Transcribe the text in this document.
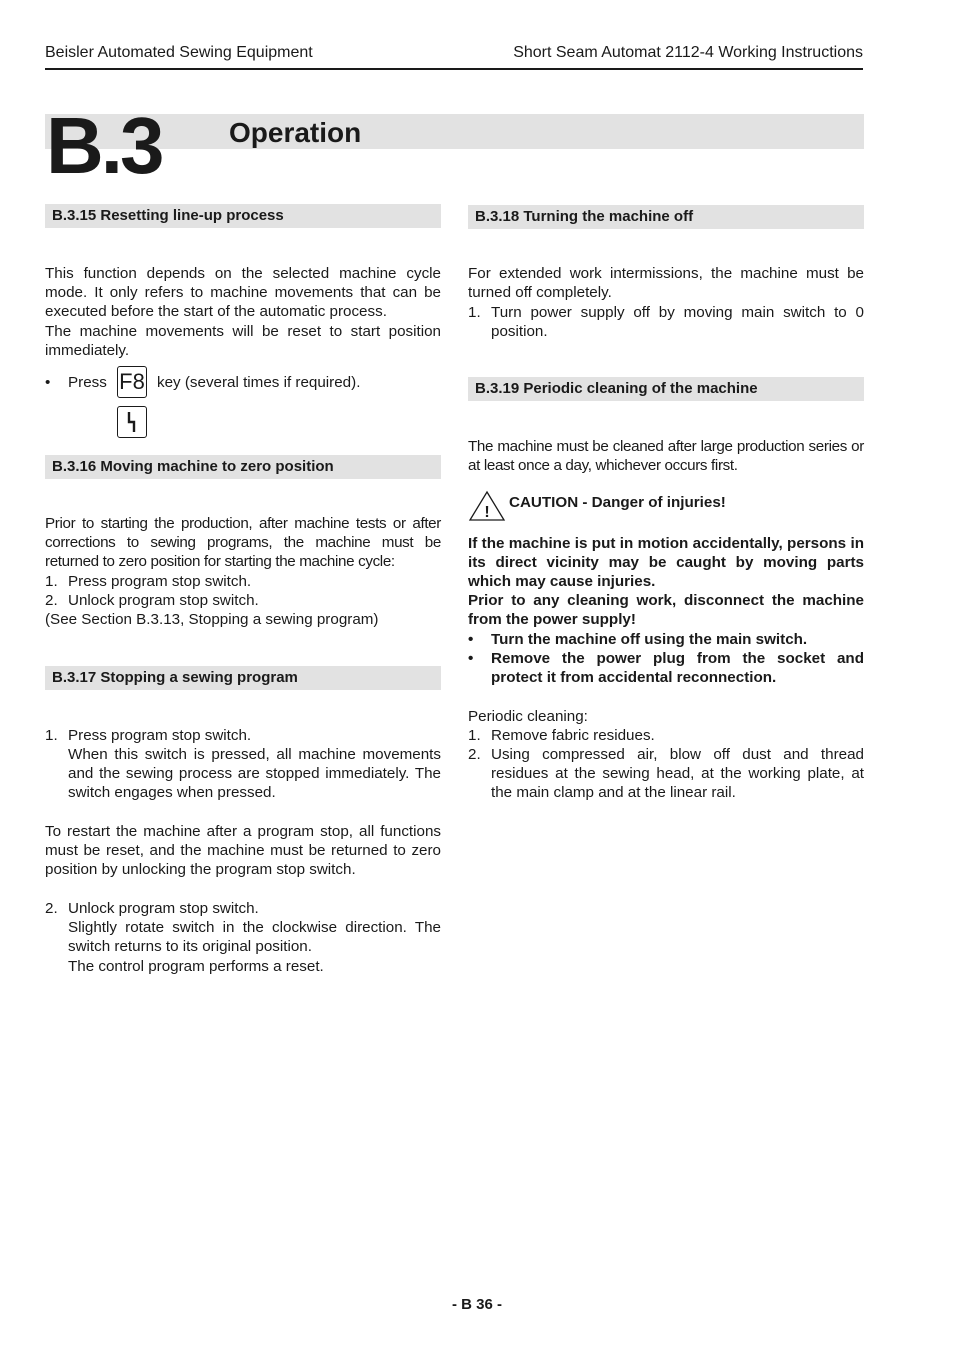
Beisler Automated Sewing Equipment	Short Seam Automat 2112-4 Working Instructions
B.3 Operation
B.3.15 Resetting line-up process
This function depends on the selected machine cycle mode. It only refers to machine movements that can be executed before the start of the automatic process.
The machine movements will be reset to start position immediately.
• Press	key (several times if required).
F8
B.3.16 Moving machine to zero position
Prior to starting the production, after machine tests or after corrections to sewing programs, the machine must be returned to zero position for starting the machine cycle:
1. Press program stop switch.
2. Unlock program stop switch.
(See Section B.3.13, Stopping a sewing program)
B.3.17 Stopping a sewing program
1. Press program stop switch.
When this switch is pressed, all machine movements and the sewing process are stopped immediately. The switch engages when pressed.
To restart the machine after a program stop, all functions must be reset, and the machine must be returned to zero position by unlocking the program stop switch.
2. Unlock program stop switch.
Slightly rotate switch in the clockwise direction. The switch returns to its original position.
The control program performs a reset.
B.3.18 Turning the machine off
For extended work intermissions, the machine must be turned off completely.
1. Turn power supply off by moving main switch to 0 position.
B.3.19 Periodic cleaning of the machine
The machine must be cleaned after large production series or at least once a day, whichever occurs first.
!
CAUTION - Danger of injuries!
If the machine is put in motion accidentally, persons in its direct vicinity may be caught by moving parts which may cause injuries.
Prior to any cleaning work, disconnect the machine from the power supply!
• Turn the machine off using the main switch.
• Remove the power plug from the socket and protect it from accidental reconnection.
Periodic cleaning:
1. Remove fabric residues.
2. Using compressed air, blow off dust and thread residues at the sewing head, at the working plate, at the main clamp and at the linear rail.
- B 36 -
